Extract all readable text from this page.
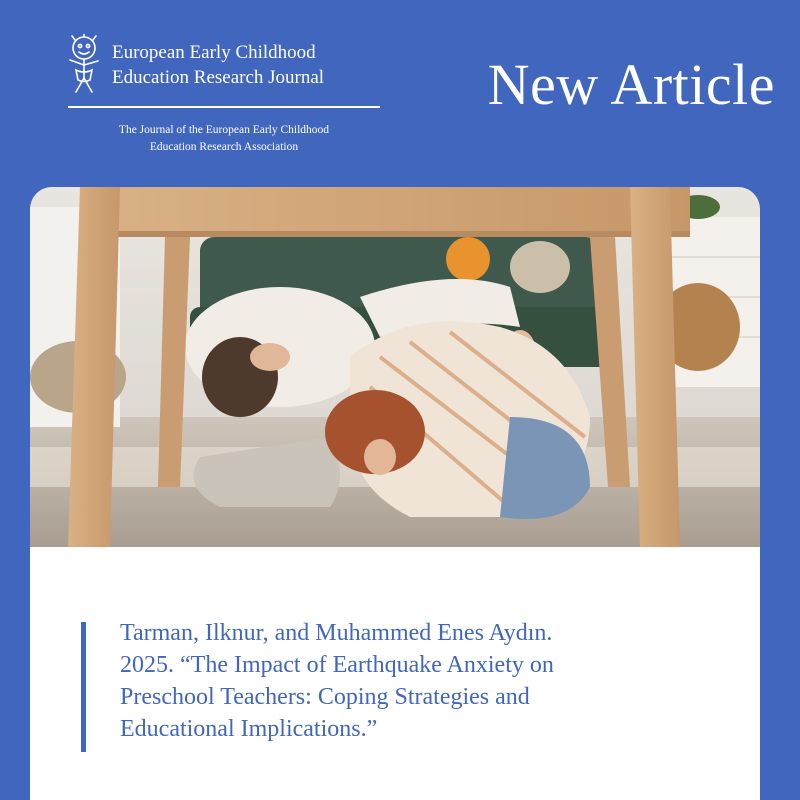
European Early Childhood
Education Research Journal
The Journal of the European Early Childhood
Education Research Association
New Article
Tarman, Ilknur, and Muhammed Enes Aydın.
2025. “The Impact of Earthquake Anxiety on
Preschool Teachers: Coping Strategies and
Educational Implications.”
